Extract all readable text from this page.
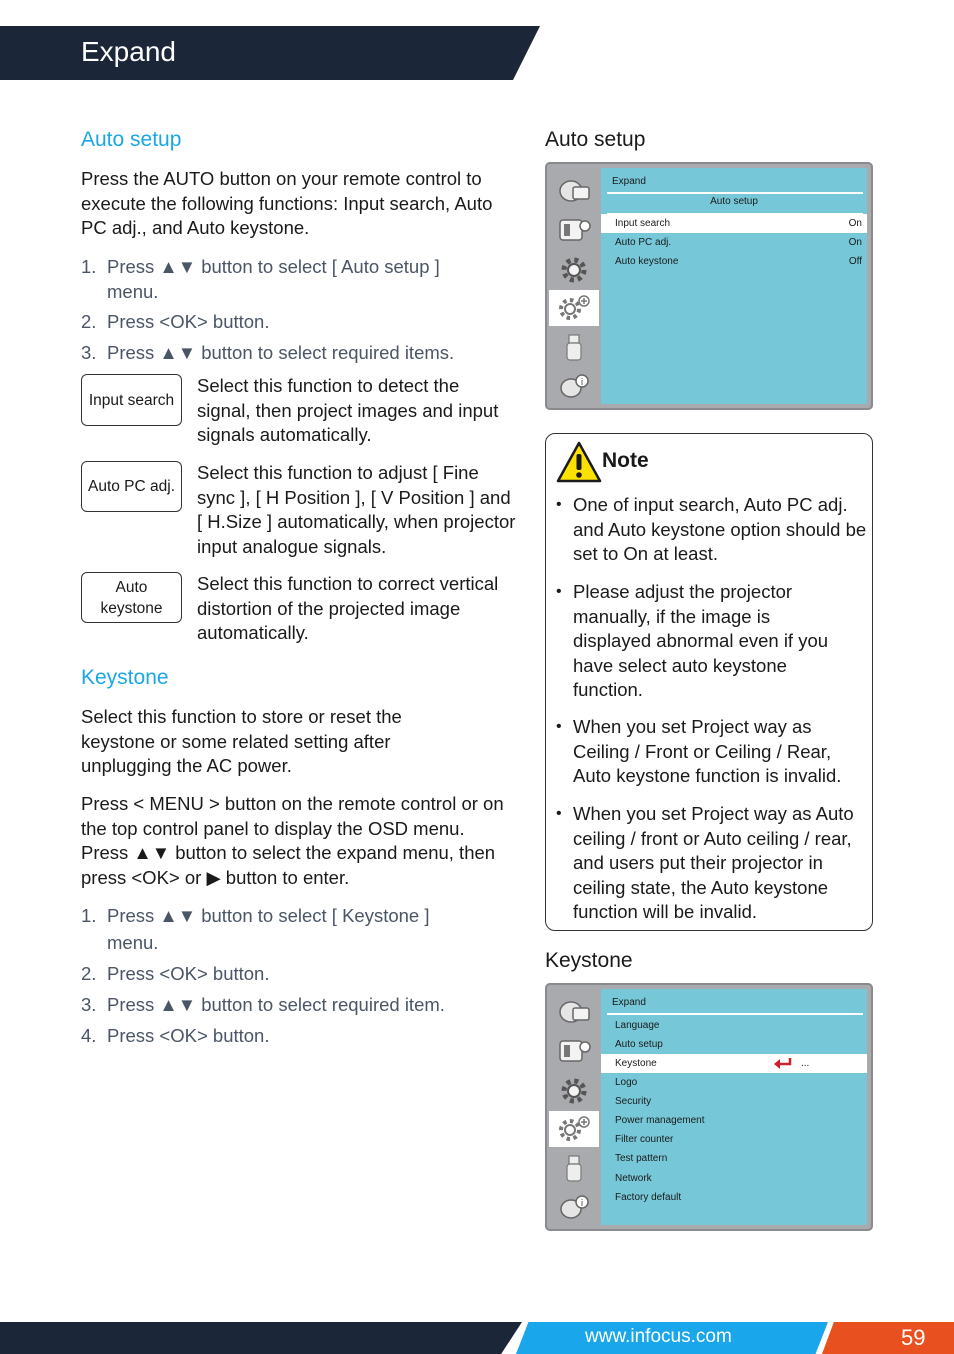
Expand
Auto setup
Press the AUTO button on your remote control to execute the following functions: Input search, Auto PC adj., and Auto keystone.
1. Press ▲▼ button to select [ Auto setup ]
menu.
2. Press <OK> button.
3. Press ▲▼ button to select required items.
Input search
Select this function to detect the signal, then project images and input signals automatically.
Auto PC adj.
Select this function to adjust [ Fine sync ], [ H Position ], [ V Position ] and [ H.Size ] automatically, when projector input analogue signals.
Auto keystone
Select this function to correct vertical distortion of the projected image automatically.
Keystone
Select this function to store or reset the keystone or some related setting after unplugging the AC power.
Press < MENU > button on the remote control or on the top control panel to display the OSD menu. Press ▲▼ button to select the expand menu, then press <OK> or ▶ button to enter.
1. Press ▲▼ button to select [ Keystone ]
menu.
2. Press <OK> button.
3. Press ▲▼ button to select required item.
4. Press <OK> button.
Auto setup
i
Expand
Auto setup
Input search	On
Auto PC adj.	On
Auto keystone	Off
Note
• One of input search, Auto PC adj. and Auto keystone option should be set to On at least.
• Please adjust the projector manually, if the image is displayed abnormal even if you have select auto keystone function.
• When you set Project way as Ceiling / Front or Ceiling / Rear, Auto keystone function is invalid.
• When you set Project way as Auto ceiling / front or Auto ceiling / rear, and users put their projector in ceiling state, the Auto keystone function will be invalid.
Keystone
i
Expand
Language
Auto setup
Keystone	...
Logo
Security
Power management
Filter counter
Test pattern
Network
Factory default
www.infocus.com	59
